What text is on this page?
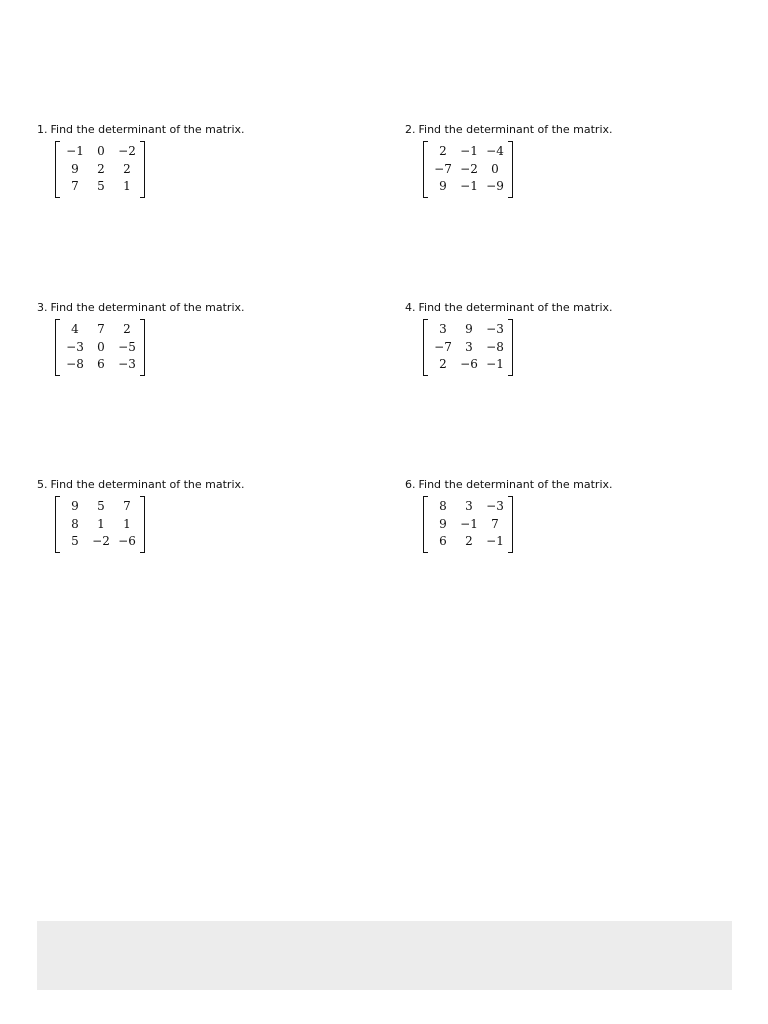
1. Find the determinant of the matrix.
−1	0	−2
9	2	2
7	5	1
2. Find the determinant of the matrix.
2	−1	−4
−7	−2	0
9	−1	−9
3. Find the determinant of the matrix.
4	7	2
−3	0	−5
−8	6	−3
4. Find the determinant of the matrix.
3	9	−3
−7	3	−8
2	−6	−1
5. Find the determinant of the matrix.
9	5	7
8	1	1
5	−2	−6
6. Find the determinant of the matrix.
8	3	−3
9	−1	7
6	2	−1
